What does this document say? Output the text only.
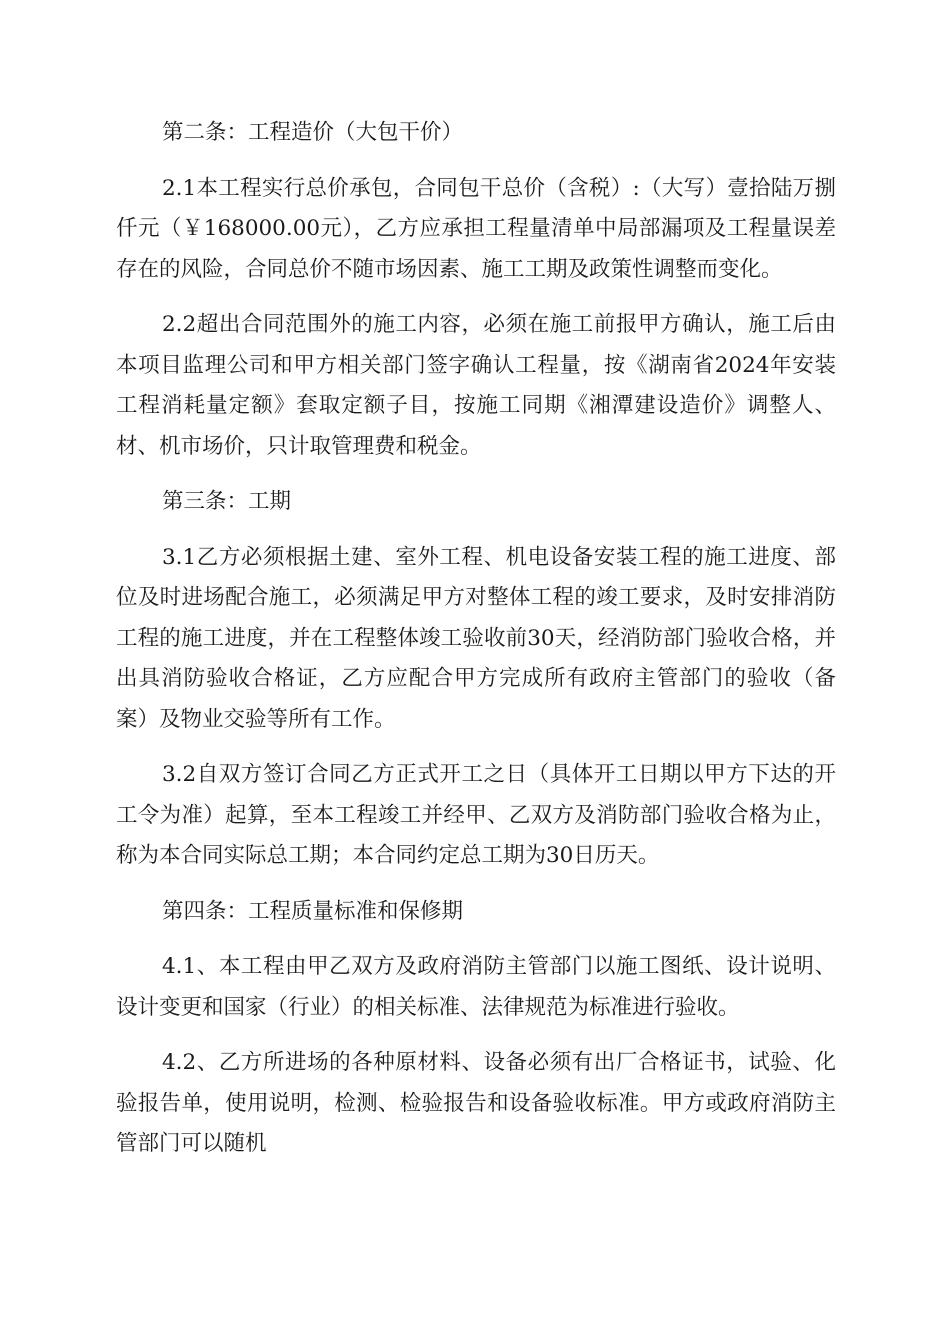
第二条：工程造价（大包干价）

2.1本工程实行总价承包，合同包干总价（含税）:（大写）壹拾陆万捌仟元（￥168000.00元），乙方应承担工程量清单中局部漏项及工程量误差存在的风险，合同总价不随市场因素、施工工期及政策性调整而变化。

2.2超出合同范围外的施工内容，必须在施工前报甲方确认，施工后由本项目监理公司和甲方相关部门签字确认工程量，按《湖南省2024年安装工程消耗量定额》套取定额子目，按施工同期《湘潭建设造价》调整人、材、机市场价，只计取管理费和税金。

第三条：工期

3.1乙方必须根据土建、室外工程、机电设备安装工程的施工进度、部位及时进场配合施工，必须满足甲方对整体工程的竣工要求，及时安排消防工程的施工进度，并在工程整体竣工验收前30天，经消防部门验收合格，并出具消防验收合格证，乙方应配合甲方完成所有政府主管部门的验收（备案）及物业交验等所有工作。

3.2自双方签订合同乙方正式开工之日（具体开工日期以甲方下达的开工令为准）起算，至本工程竣工并经甲、乙双方及消防部门验收合格为止，称为本合同实际总工期；本合同约定总工期为30日历天。

第四条：工程质量标准和保修期

4.1、本工程由甲乙双方及政府消防主管部门以施工图纸、设计说明、设计变更和国家（行业）的相关标准、法律规范为标准进行验收。

4.2、乙方所进场的各种原材料、设备必须有出厂合格证书，试验、化验报告单，使用说明，检测、检验报告和设备验收标准。甲方或政府消防主管部门可以随机
